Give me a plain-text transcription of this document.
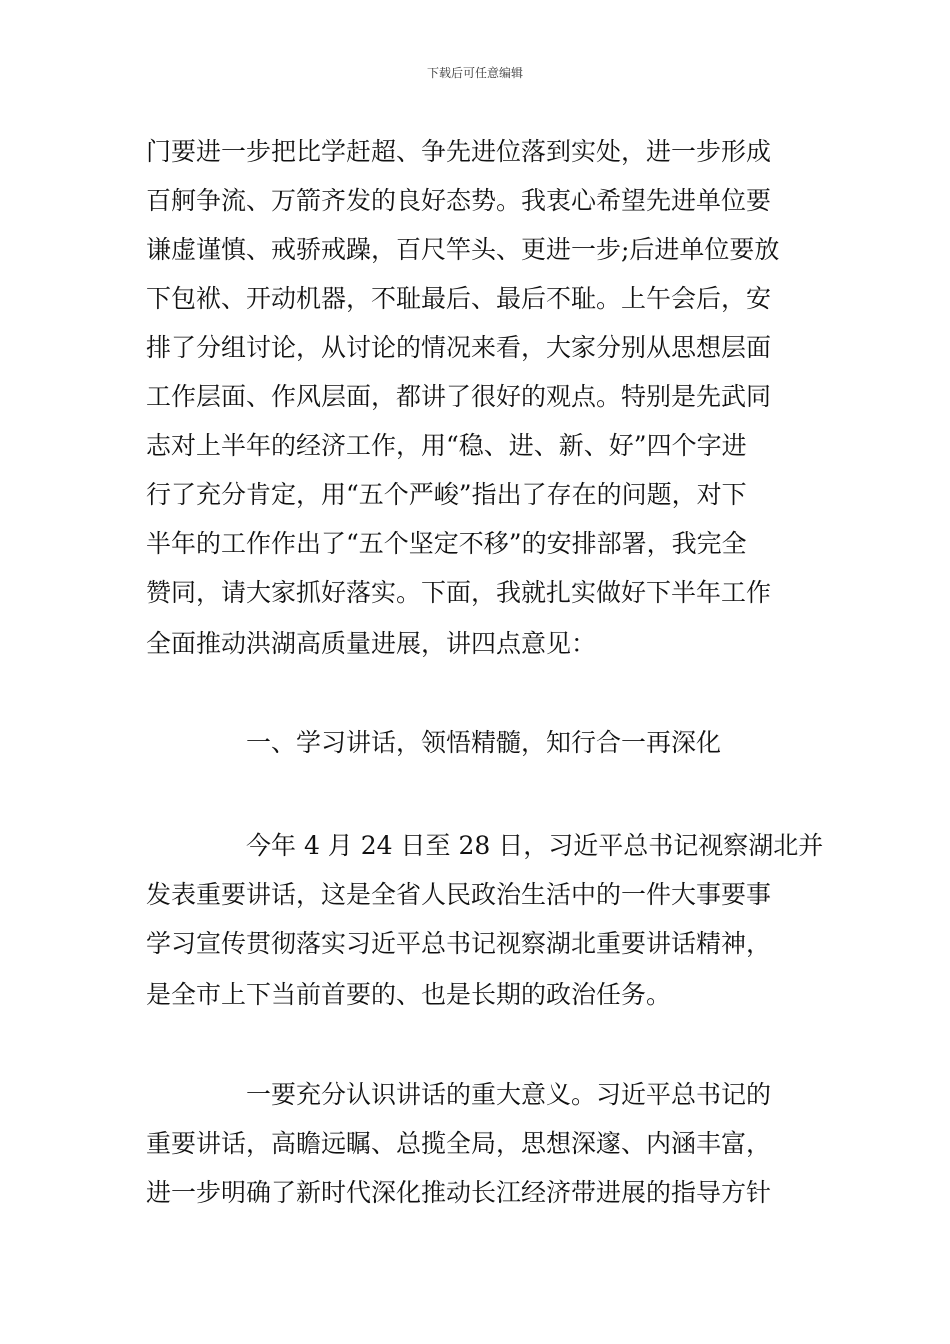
下载后可任意编辑
门要进一步把比学赶超、争先进位落到实处，进一步形成
百舸争流、万箭齐发的良好态势。我衷心希望先进单位要
谦虚谨慎、戒骄戒躁，百尺竿头、更进一步;后进单位要放
下包袱、开动机器，不耻最后、最后不耻。上午会后，安
排了分组讨论，从讨论的情况来看，大家分别从思想层面
工作层面、作风层面，都讲了很好的观点。特别是先武同
志对上半年的经济工作，用“稳、进、新、好”四个字进
行了充分肯定，用“五个严峻”指出了存在的问题，对下
半年的工作作出了“五个坚定不移”的安排部署，我完全
赞同，请大家抓好落实。下面，我就扎实做好下半年工作
全面推动洪湖高质量进展，讲四点意见：
一、学习讲话，领悟精髓，知行合一再深化
今年 4 月 24 日至 28 日，习近平总书记视察湖北并
发表重要讲话，这是全省人民政治生活中的一件大事要事
学习宣传贯彻落实习近平总书记视察湖北重要讲话精神，
是全市上下当前首要的、也是长期的政治任务。
一要充分认识讲话的重大意义。习近平总书记的
重要讲话，高瞻远瞩、总揽全局，思想深邃、内涵丰富，
进一步明确了新时代深化推动长江经济带进展的指导方针
